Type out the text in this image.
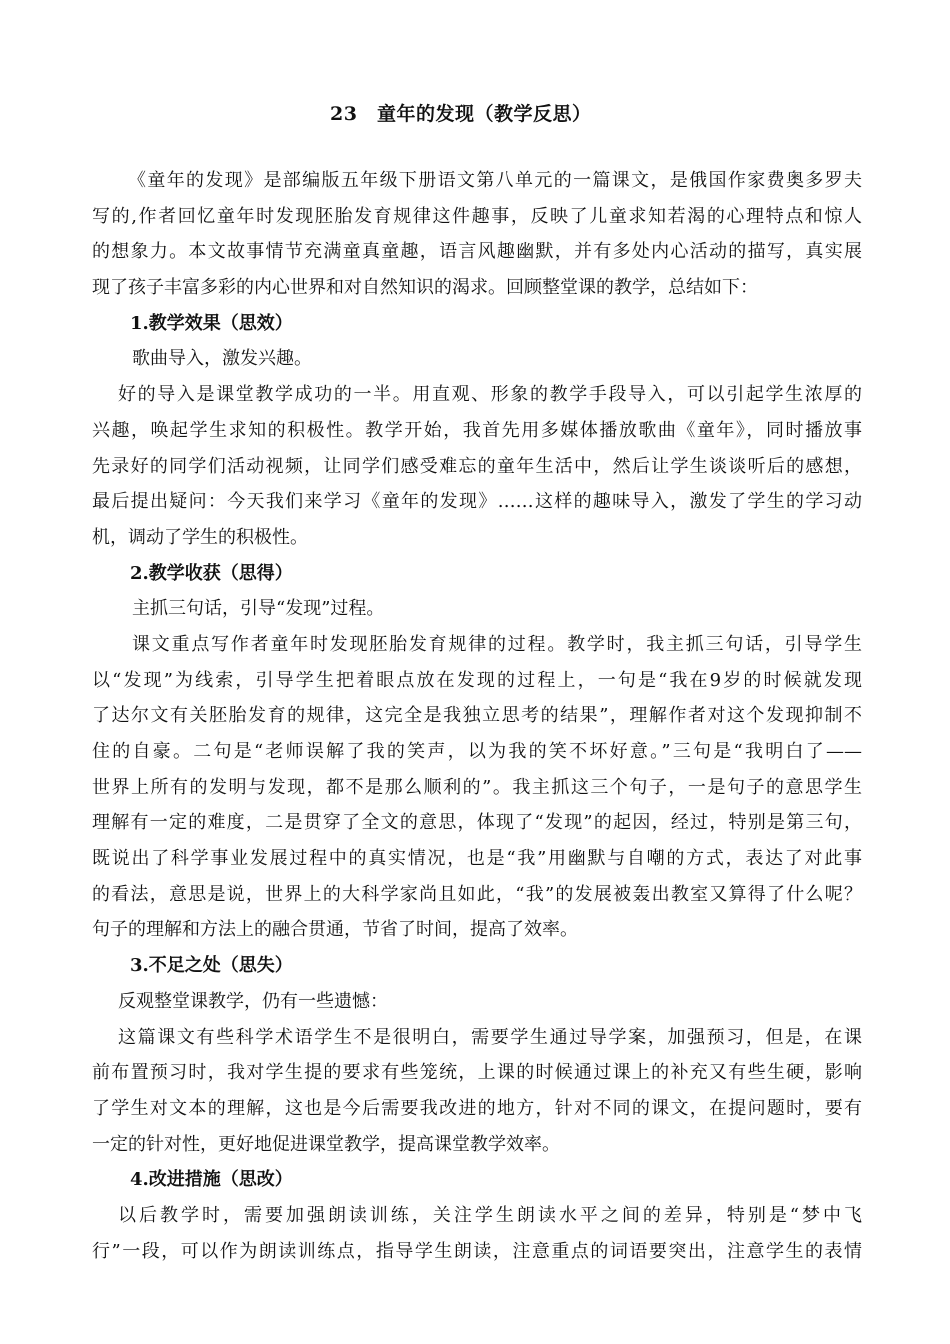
23　童年的发现（教学反思）
《童年的发现》是部编版五年级下册语文第八单元的一篇课文，是俄国作家费奥多罗夫
写的,作者回忆童年时发现胚胎发育规律这件趣事，反映了儿童求知若渴的心理特点和惊人
的想象力。本文故事情节充满童真童趣，语言风趣幽默，并有多处内心活动的描写，真实展
现了孩子丰富多彩的内心世界和对自然知识的渴求。回顾整堂课的教学，总结如下：
1.教学效果（思效）
歌曲导入，激发兴趣。
好的导入是课堂教学成功的一半。用直观、形象的教学手段导入，可以引起学生浓厚的
兴趣，唤起学生求知的积极性。教学开始，我首先用多媒体播放歌曲《童年》，同时播放事
先录好的同学们活动视频，让同学们感受难忘的童年生活中，然后让学生谈谈听后的感想，
最后提出疑问：今天我们来学习《童年的发现》……这样的趣味导入，激发了学生的学习动
机，调动了学生的积极性。
2.教学收获（思得）
主抓三句话，引导“发现”过程。
课文重点写作者童年时发现胚胎发育规律的过程。教学时，我主抓三句话，引导学生
以“发现”为线索，引导学生把着眼点放在发现的过程上，一句是“我在9岁的时候就发现
了达尔文有关胚胎发育的规律，这完全是我独立思考的结果”，理解作者对这个发现抑制不
住的自豪。二句是“老师误解了我的笑声，以为我的笑不坏好意。”三句是“我明白了——
世界上所有的发明与发现，都不是那么顺利的”。我主抓这三个句子，一是句子的意思学生
理解有一定的难度，二是贯穿了全文的意思，体现了“发现”的起因，经过，特别是第三句，
既说出了科学事业发展过程中的真实情况，也是“我”用幽默与自嘲的方式，表达了对此事
的看法，意思是说，世界上的大科学家尚且如此，“我”的发展被轰出教室又算得了什么呢？
句子的理解和方法上的融合贯通，节省了时间，提高了效率。
3.不足之处（思失）
反观整堂课教学，仍有一些遗憾：
这篇课文有些科学术语学生不是很明白，需要学生通过导学案，加强预习，但是，在课
前布置预习时，我对学生提的要求有些笼统，上课的时候通过课上的补充又有些生硬，影响
了学生对文本的理解，这也是今后需要我改进的地方，针对不同的课文，在提问题时，要有
一定的针对性，更好地促进课堂教学，提高课堂教学效率。
4.改进措施（思改）
以后教学时，需要加强朗读训练，关注学生朗读水平之间的差异，特别是“梦中飞
行”一段，可以作为朗读训练点，指导学生朗读，注意重点的词语要突出，注意学生的表情
